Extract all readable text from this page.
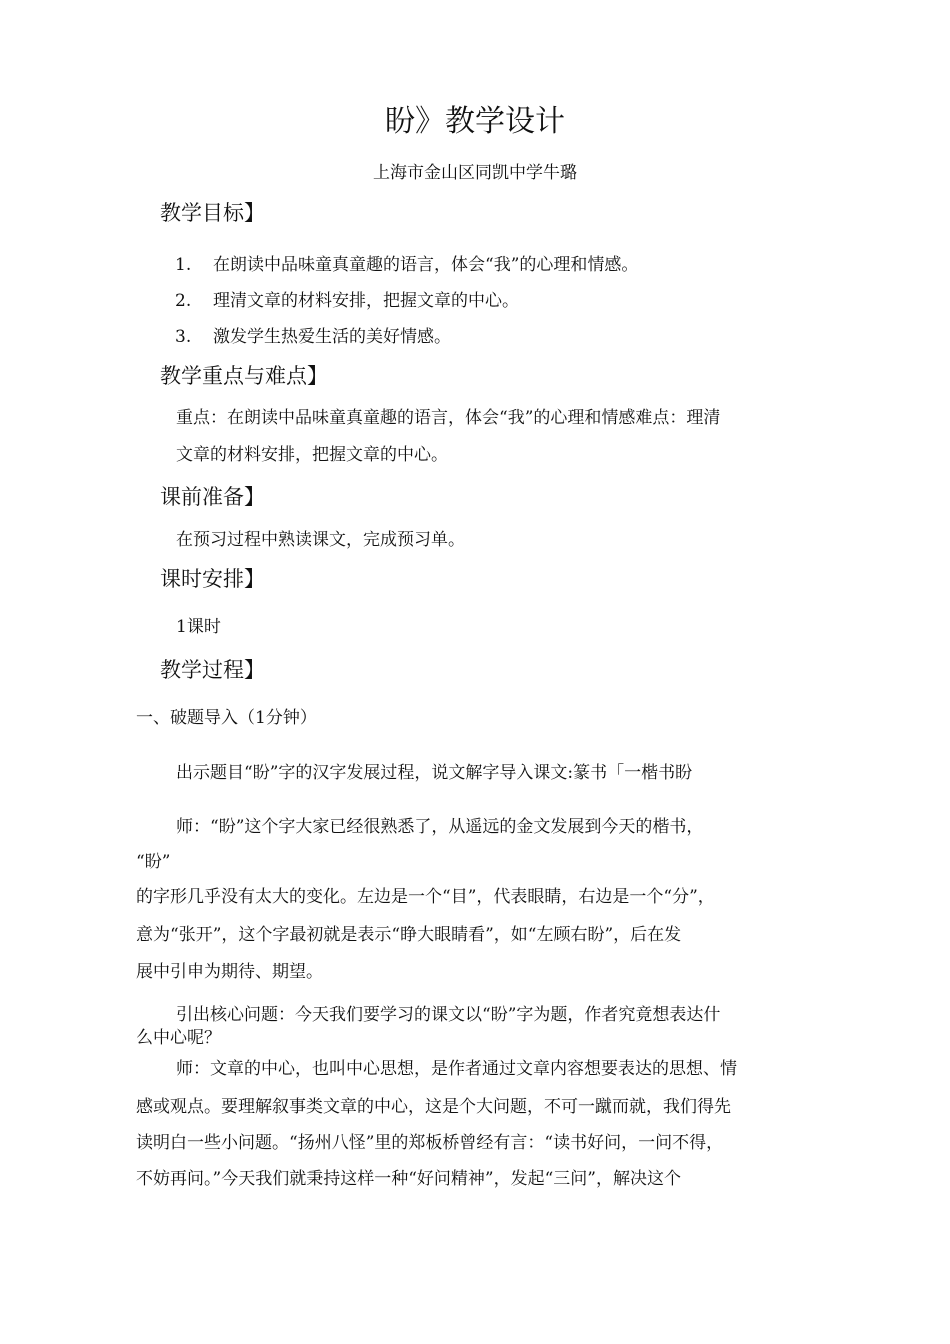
盼》教学设计
上海市金山区同凯中学牛璐
教学目标】
1. 在朗读中品味童真童趣的语言，体会“我”的心理和情感。
2. 理清文章的材料安排，把握文章的中心。
3. 激发学生热爱生活的美好情感。
教学重点与难点】
重点：在朗读中品味童真童趣的语言，体会“我”的心理和情感难点：理清
文章的材料安排，把握文章的中心。
课前准备】
在预习过程中熟读课文，完成预习单。
课时安排】
1课时
教学过程】
一、破题导入（1分钟）
出示题目“盼”字的汉字发展过程，说文解字导入课文:篆书「一楷书盼
师：“盼”这个字大家已经很熟悉了，从遥远的金文发展到今天的楷书，
“盼”
的字形几乎没有太大的变化。左边是一个“目”，代表眼睛，右边是一个“分”，
意为“张开”，这个字最初就是表示“睁大眼睛看”，如“左顾右盼”，后在发
展中引申为期待、期望。
引出核心问题：今天我们要学习的课文以“盼”字为题，作者究竟想表达什
么中心呢？
师：文章的中心，也叫中心思想，是作者通过文章内容想要表达的思想、情
感或观点。要理解叙事类文章的中心，这是个大问题，不可一蹴而就，我们得先
读明白一些小问题。“扬州八怪”里的郑板桥曾经有言：“读书好问，一问不得，
不妨再问。”今天我们就秉持这样一种“好问精神”，发起“三问”，解决这个
